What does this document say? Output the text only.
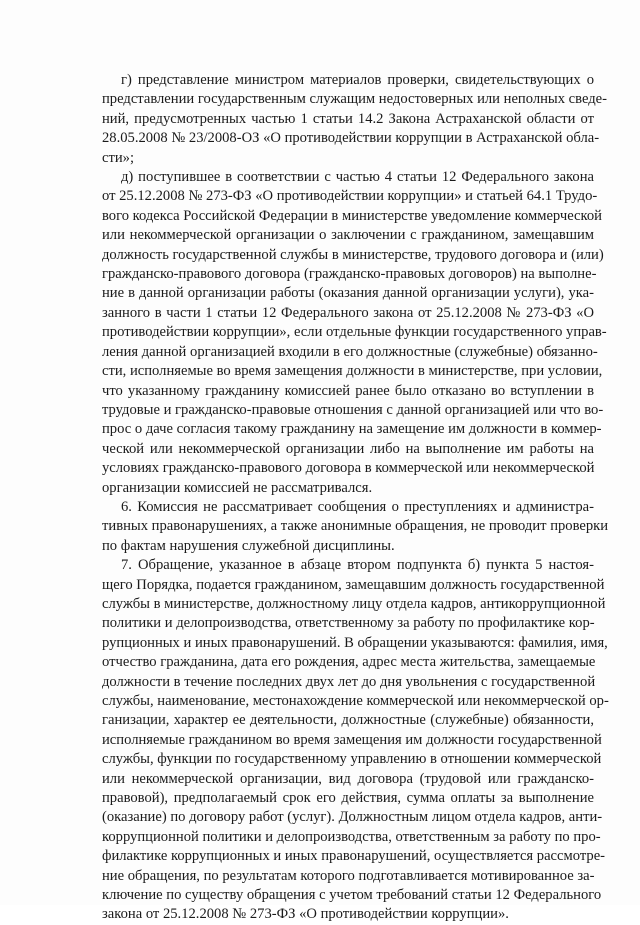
г) представление министром материалов проверки, свидетельствующих о
представлении государственным служащим недостоверных или неполных сведе-
ний, предусмотренных частью 1 статьи 14.2 Закона Астраханской области от
28.05.2008 № 23/2008-ОЗ «О противодействии коррупции в Астраханской обла-
сти»;
д) поступившее в соответствии с частью 4 статьи 12 Федерального закона
от 25.12.2008 № 273-ФЗ «О противодействии коррупции» и статьей 64.1 Трудо-
вого кодекса Российской Федерации в министерстве уведомление коммерческой
или некоммерческой организации о заключении с гражданином, замещавшим
должность государственной службы в министерстве, трудового договора и (или)
гражданско-правового договора (гражданско-правовых договоров) на выполне-
ние в данной организации работы (оказания данной организации услуги), ука-
занного в части 1 статьи 12 Федерального закона от 25.12.2008 № 273-ФЗ «О
противодействии коррупции», если отдельные функции государственного управ-
ления данной организацией входили в его должностные (служебные) обязанно-
сти, исполняемые во время замещения должности в министерстве, при условии,
что указанному гражданину комиссией ранее было отказано во вступлении в
трудовые и гражданско-правовые отношения с данной организацией или что во-
прос о даче согласия такому гражданину на замещение им должности в коммер-
ческой или некоммерческой организации либо на выполнение им работы на
условиях гражданско-правового договора в коммерческой или некоммерческой
организации комиссией не рассматривался.
6. Комиссия не рассматривает сообщения о преступлениях и администра-
тивных правонарушениях, а также анонимные обращения, не проводит проверки
по фактам нарушения служебной дисциплины.
7. Обращение, указанное в абзаце втором подпункта б) пункта 5 настоя-
щего Порядка, подается гражданином, замещавшим должность государственной
службы в министерстве, должностному лицу отдела кадров, антикоррупционной
политики и делопроизводства, ответственному за работу по профилактике кор-
рупционных и иных правонарушений. В обращении указываются: фамилия, имя,
отчество гражданина, дата его рождения, адрес места жительства, замещаемые
должности в течение последних двух лет до дня увольнения с государственной
службы, наименование, местонахождение коммерческой или некоммерческой ор-
ганизации, характер ее деятельности, должностные (служебные) обязанности,
исполняемые гражданином во время замещения им должности государственной
службы, функции по государственному управлению в отношении коммерческой
или некоммерческой организации, вид договора (трудовой или гражданско-
правовой), предполагаемый срок его действия, сумма оплаты за выполнение
(оказание) по договору работ (услуг). Должностным лицом отдела кадров, анти-
коррупционной политики и делопроизводства, ответственным за работу по про-
филактике коррупционных и иных правонарушений, осуществляется рассмотре-
ние обращения, по результатам которого подготавливается мотивированное за-
ключение по существу обращения с учетом требований статьи 12 Федерального
закона от 25.12.2008 № 273-ФЗ «О противодействии коррупции».
